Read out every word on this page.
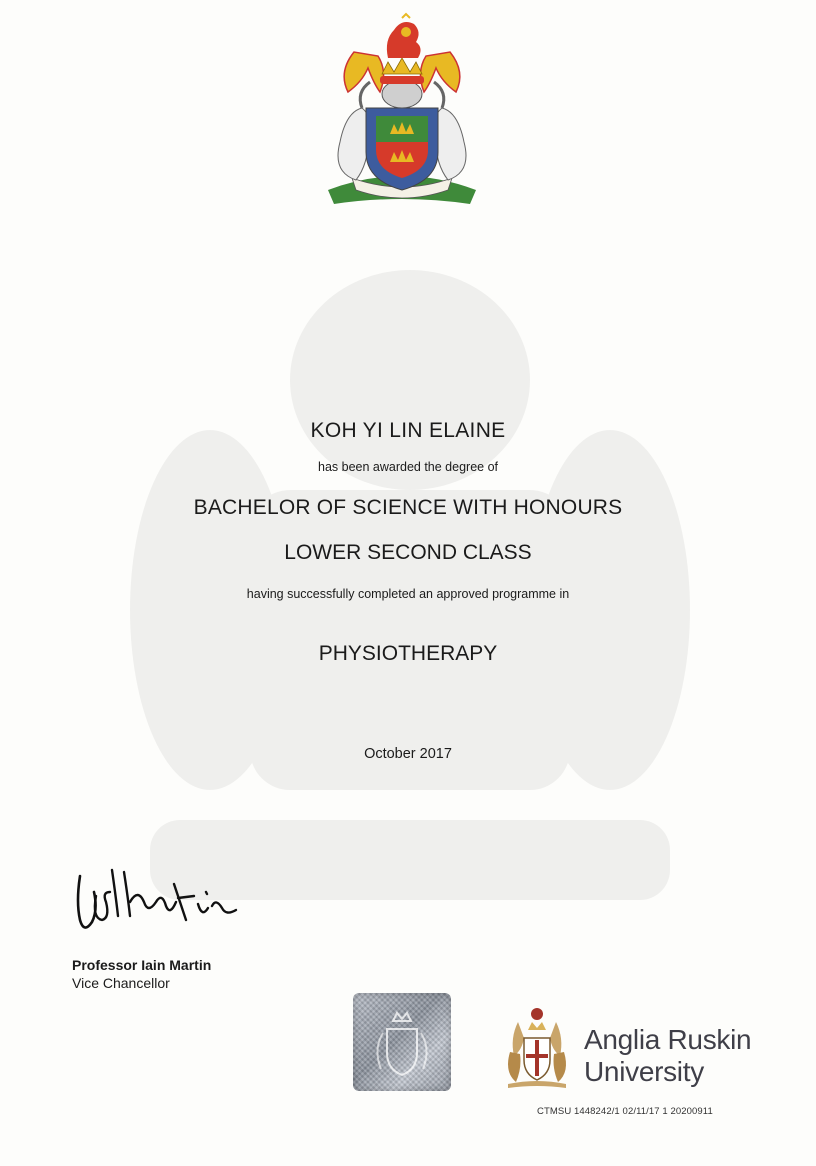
KOH YI LIN ELAINE
has been awarded the degree of
BACHELOR OF SCIENCE WITH HONOURS
LOWER SECOND CLASS
having successfully completed an approved programme in
PHYSIOTHERAPY
October 2017
Professor Iain Martin
Vice Chancellor
Anglia Ruskin
University
CTMSU 1448242/1 02/11/17 1 20200911
